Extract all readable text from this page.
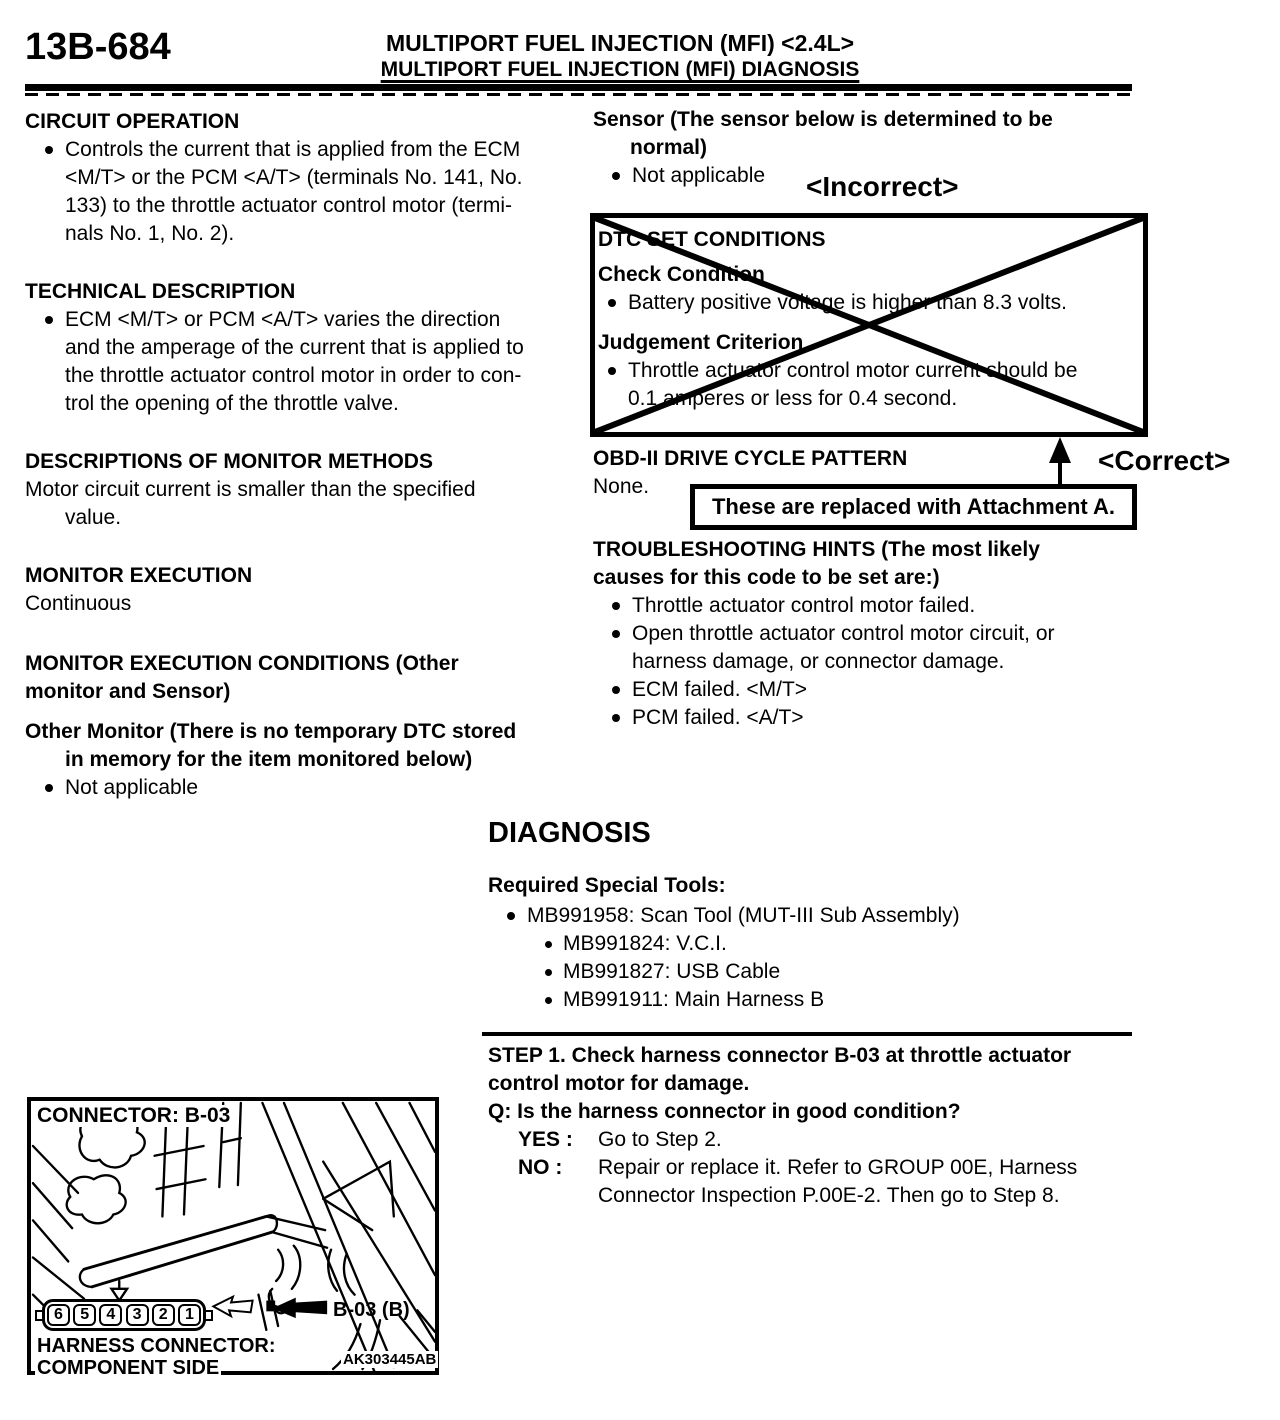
13B-684	MULTIPORT FUEL INJECTION (MFI) <2.4L>
MULTIPORT FUEL INJECTION (MFI) DIAGNOSIS
CIRCUIT OPERATION
Controls the current that is applied from the ECM
<M/T> or the PCM <A/T> (terminals No. 141, No.
133) to the throttle actuator control motor (termi-
nals No. 1, No. 2).
TECHNICAL DESCRIPTION
ECM <M/T> or PCM <A/T> varies the direction
and the amperage of the current that is applied to
the throttle actuator control motor in order to con-
trol the opening of the throttle valve.
DESCRIPTIONS OF MONITOR METHODS
Motor circuit current is smaller than the specified
value.
MONITOR EXECUTION
Continuous
MONITOR EXECUTION CONDITIONS (Other
monitor and Sensor)
Other Monitor (There is no temporary DTC stored
in memory for the item monitored below)
Not applicable
Sensor (The sensor below is determined to be
normal)
Not applicable <Incorrect>
DTC SET CONDITIONS
Check Condition
Battery positive voltage is higher than 8.3 volts.
Judgement Criterion
Throttle actuator control motor current should be
0.1 amperes or less for 0.4 second.
OBD-II DRIVE CYCLE PATTERN
None.
<Correct>
These are replaced with Attachment A.
TROUBLESHOOTING HINTS (The most likely
causes for this code to be set are:)
Throttle actuator control motor failed.
Open throttle actuator control motor circuit, or
harness damage, or connector damage.
ECM failed. <M/T>
PCM failed. <A/T>
DIAGNOSIS
Required Special Tools:
MB991958: Scan Tool (MUT-III Sub Assembly)
MB991824: V.C.I.
MB991827: USB Cable
MB991911: Main Harness B
STEP 1. Check harness connector B-03 at throttle actuator
control motor for damage.
Q: Is the harness connector in good condition?
YES : Go to Step 2.
NO : Repair or replace it. Refer to GROUP 00E, Harness
Connector Inspection P.00E-2. Then go to Step 8.
CONNECTOR: B-03
6	5	4	3	2	1
HARNESS CONNECTOR:
COMPONENT SIDE
B-03 (B)
AK303445AB
